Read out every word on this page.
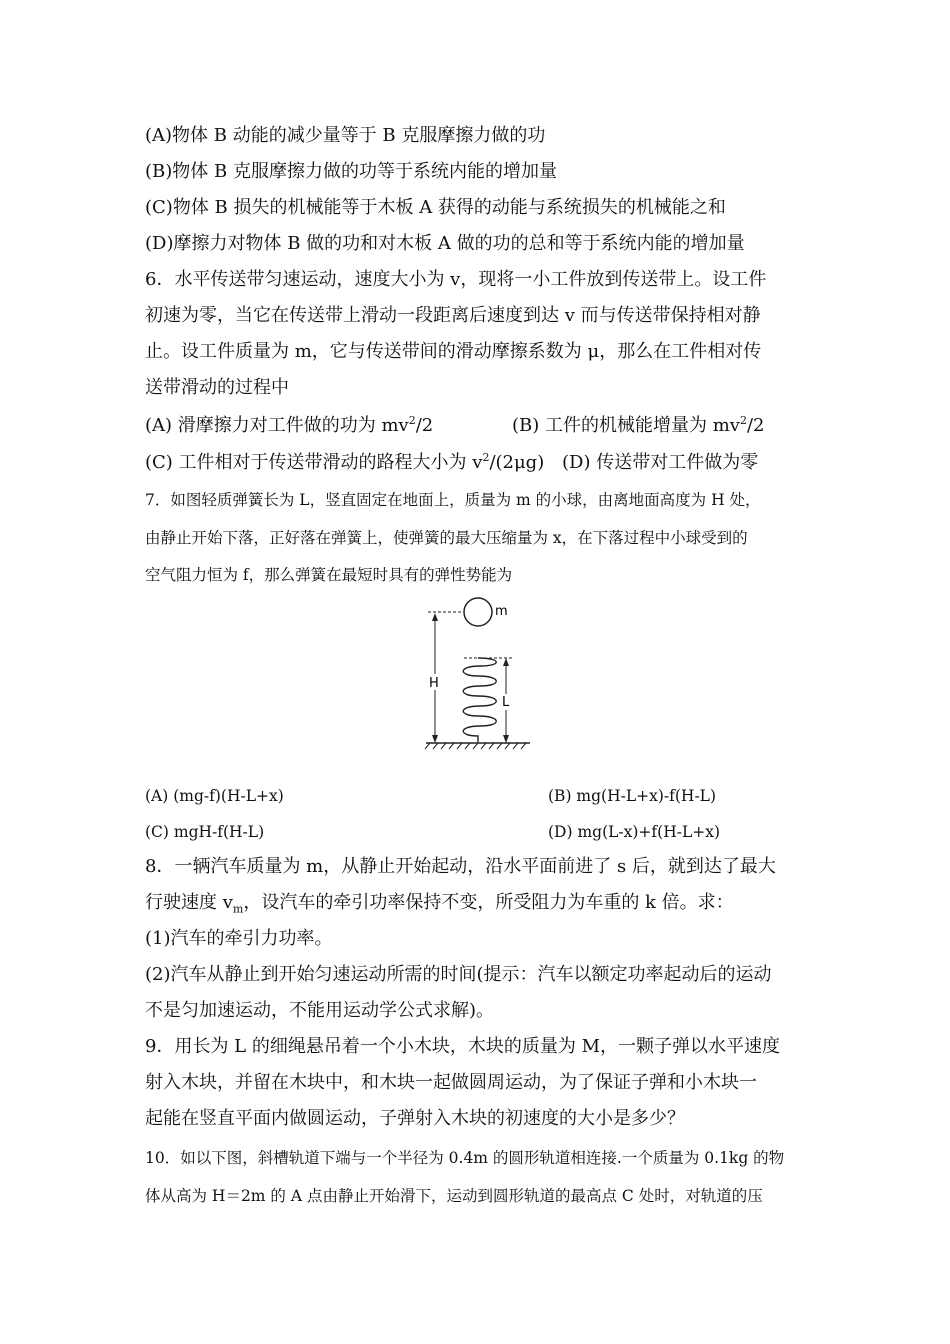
(A)物体 B 动能的减少量等于 B 克服摩擦力做的功
(B)物体 B 克服摩擦力做的功等于系统内能的增加量
(C)物体 B 损失的机械能等于木板 A 获得的动能与系统损失的机械能之和
(D)摩擦力对物体 B 做的功和对木板 A 做的功的总和等于系统内能的增加量
6．水平传送带匀速运动，速度大小为 v，现将一小工件放到传送带上。设工件
初速为零，当它在传送带上滑动一段距离后速度到达 v 而与传送带保持相对静
止。设工件质量为 m，它与传送带间的滑动摩擦系数为 μ，那么在工件相对传
送带滑动的过程中
(A) 滑摩擦力对工件做的功为 $mv^2/2$	(B) 工件的机械能增量为 $mv^2/2$
(C) 工件相对于传送带滑动的路程大小为 $v^2/(2\mu g)$ (D) 传送带对工件做为零
7．如图轻质弹簧长为 L，竖直固定在地面上，质量为 m 的小球，由离地面高度为 H 处，
由静止开始下落，正好落在弹簧上，使弹簧的最大压缩量为 x，在下落过程中小球受到的
空气阻力恒为 f，那么弹簧在最短时具有的弹性势能为
m
H
L
(A) (mg-f)(H-L+x)	(B) mg(H-L+x)-f(H-L)
(C) mgH-f(H-L)	(D) mg(L-x)+f(H-L+x)
8．一辆汽车质量为 m，从静止开始起动，沿水平面前进了 s 后，就到达了最大
行驶速度 $v_m$，设汽车的牵引功率保持不变，所受阻力为车重的 k 倍。求：
(1)汽车的牵引力功率。
(2)汽车从静止到开始匀速运动所需的时间(提示：汽车以额定功率起动后的运动
不是匀加速运动，不能用运动学公式求解)。
9．用长为 L 的细绳悬吊着一个小木块，木块的质量为 M，一颗子弹以水平速度
射入木块，并留在木块中，和木块一起做圆周运动，为了保证子弹和小木块一
起能在竖直平面内做圆运动，子弹射入木块的初速度的大小是多少？
10．如以下图，斜槽轨道下端与一个半径为 0.4m 的圆形轨道相连接.一个质量为 0.1kg 的物
体从高为 H＝2m 的 A 点由静止开始滑下，运动到圆形轨道的最高点 C 处时，对轨道的压
